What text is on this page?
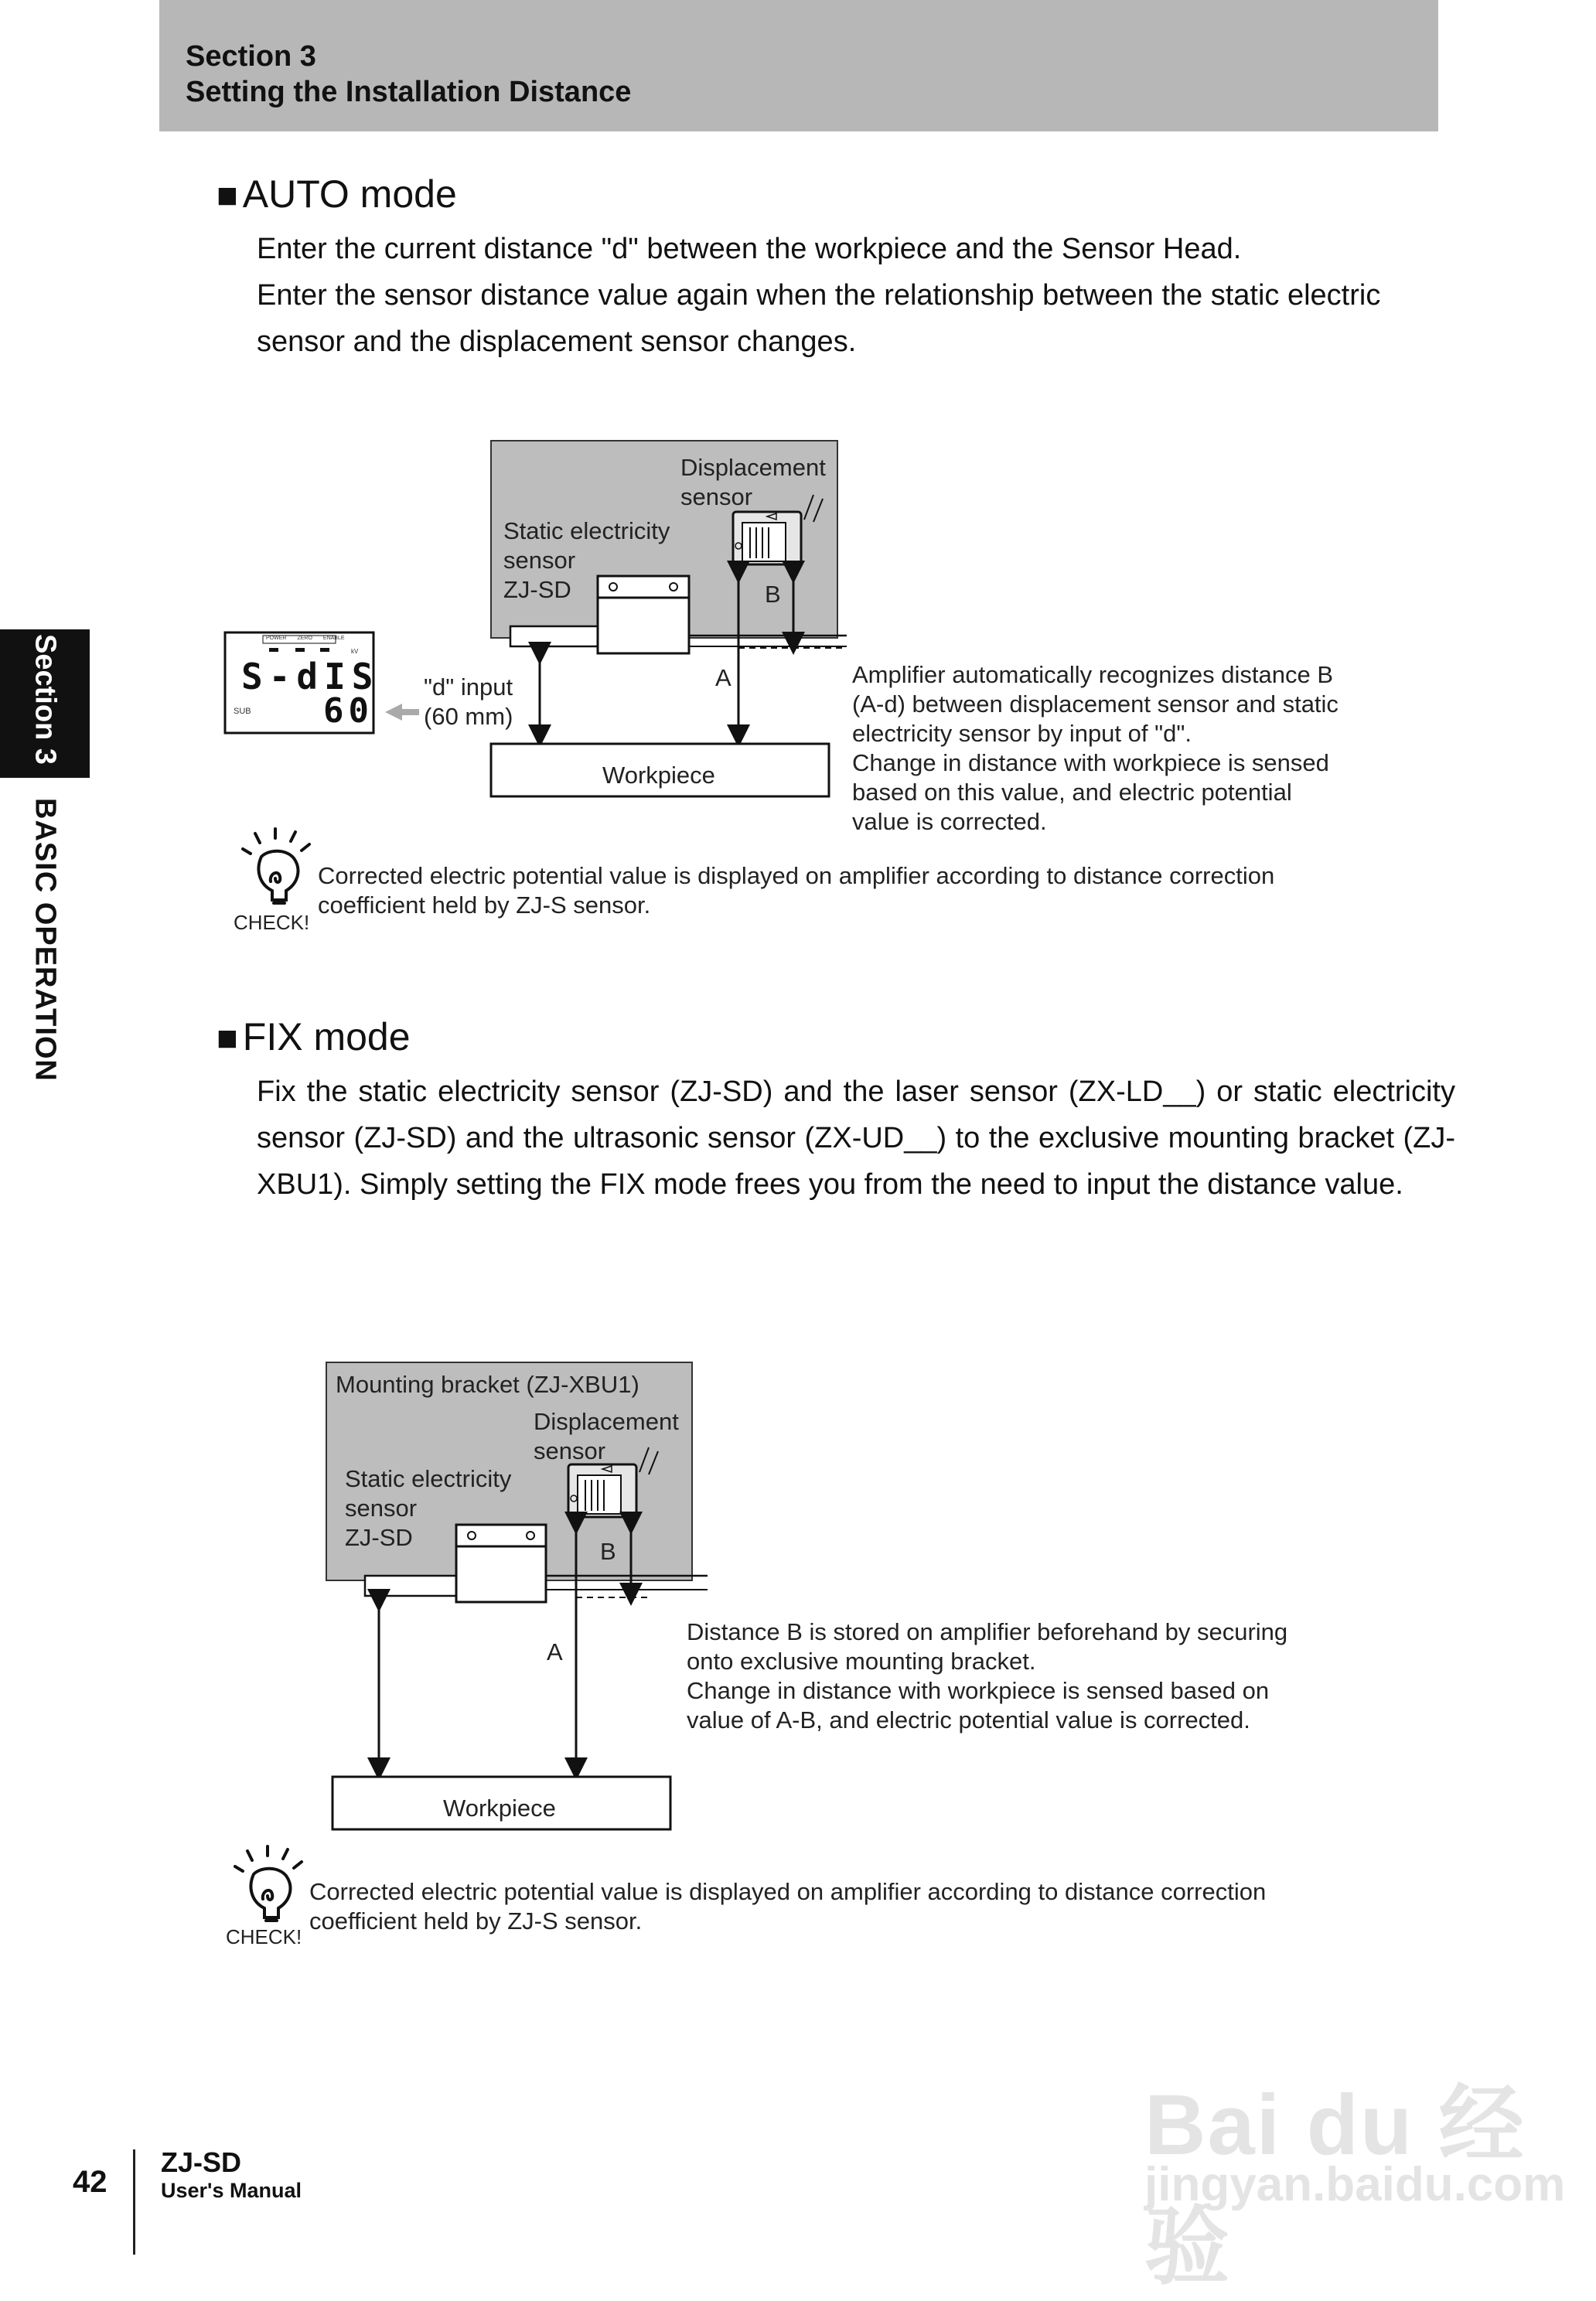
Section 3
Setting the Installation Distance
Section 3
BASIC OPERATION
■ AUTO mode
Enter the current distance "d" between the workpiece and the Sensor Head.
Enter the sensor distance value again when the relationship between the static electric sensor and the displacement sensor changes.
Displacement
sensor
Static electricity
sensor
ZJ-SD	B
A
Workpiece
"d" input
(60 mm)
S-dIS
60
SUB
POWER ZERO ENABLE
kV
Amplifier automatically recognizes distance B
(A-d) between displacement sensor and static
electricity sensor by input of "d".
Change in distance with workpiece is sensed
based on this value, and electric potential
value is corrected.
CHECK!
Corrected electric potential value is displayed on amplifier according to distance correction
coefficient held by ZJ-S sensor.
■ FIX mode
Fix the static electricity sensor (ZJ-SD) and the laser sensor (ZX-LD__) or static electricity sensor (ZJ-SD) and the ultrasonic sensor (ZX-UD__) to the exclusive mounting bracket (ZJ-XBU1). Simply setting the FIX mode frees you from the need to input the distance value.
Mounting bracket (ZJ-XBU1)
Displacement
sensor
Static electricity
sensor
ZJ-SD
B
A
Workpiece
Distance B is stored on amplifier beforehand by securing
onto exclusive mounting bracket.
Change in distance with workpiece is sensed based on
value of A-B, and electric potential value is corrected.
CHECK!
Corrected electric potential value is displayed on amplifier according to distance correction
coefficient held by ZJ-S sensor.
Bai du 经验
jingyan.baidu.com
42
ZJ-SD
User's Manual
